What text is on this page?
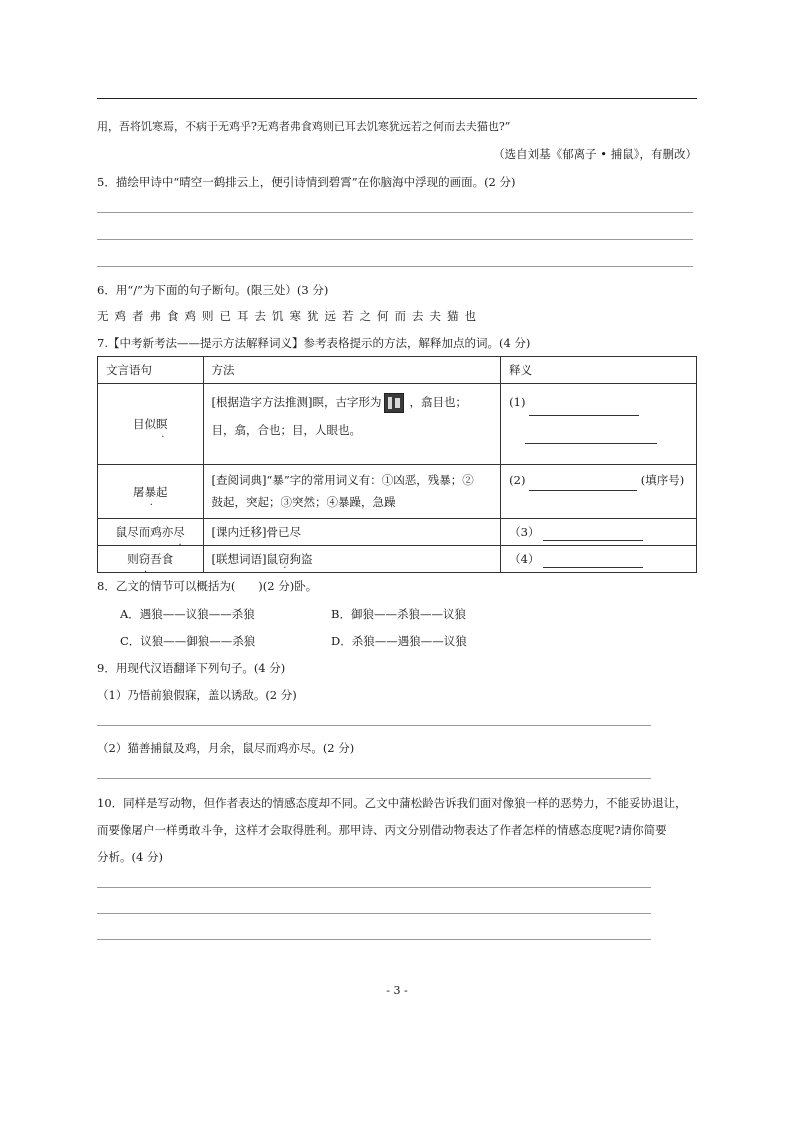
用，吾将饥寒焉，不病于无鸡乎?无鸡者弗食鸡则已耳去饥寒犹远若之何而去夫猫也?”
（选自刘基《郁离子 • 捕鼠》，有删改）
5．描绘甲诗中“晴空一鹤排云上，便引诗情到碧霄”在你脑海中浮现的画面。(2 分)
6．用“/”为下面的句子断句。(限三处）(3 分)
无鸡者弗食鸡则已耳去饥寒犹远若之何而去夫猫也
7.【中考新考法——提示方法解释词义】参考表格提示的方法，解释加点的词。(4 分)
文言语句	方法	释义

目似瞑	[根据造字方法推测]瞑，古字形为 ，翕目也；
目，翕，合也；目，人眼也。	(1)

屠暴起	[查阅词典]“暴”字的常用词义有：①凶恶，残暴；②
鼓起，突起；③突然；④暴躁，急躁	(2) (填序号)

鼠尽而鸡亦尽	[课内迁移]骨已尽	（3）

则窃吾食	[联想词语]鼠窃狗盗	（4）
8．乙文的情节可以概括为(　　)(2 分)卧。
A．遇狼——议狼——杀狼	B．御狼——杀狼——议狼
C．议狼——御狼——杀狼	D．杀狼——遇狼——议狼
9．用现代汉语翻译下列句子。(4 分)
（1）乃悟前狼假寐，盖以诱敌。(2 分)
（2）猫善捕鼠及鸡，月余，鼠尽而鸡亦尽。(2 分)
10．同样是写动物，但作者表达的情感态度却不同。乙文中蒲松龄告诉我们面对像狼一样的恶势力，不能妥协退让，
而要像屠户一样勇敢斗争，这样才会取得胜利。那甲诗、丙文分别借动物表达了作者怎样的情感态度呢?请你简要
分析。(4 分)
- 3 -
